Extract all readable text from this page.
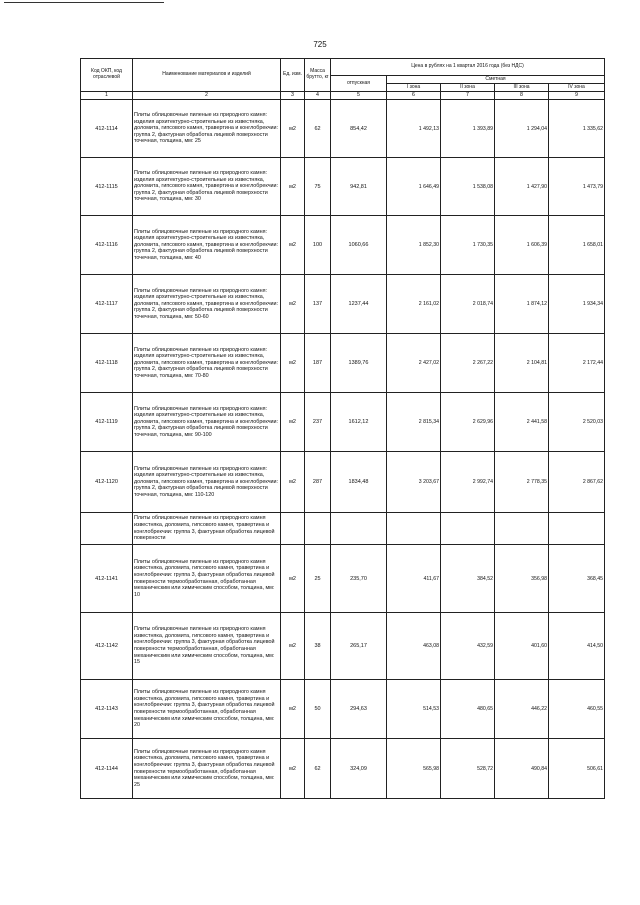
725
Код ОКП, код отраслевой	Наименование материалов и изделий	Ед. изм.	Масса брутто, кг	Цена в рублях на 1 квартал 2016 года (без НДС)				
				отпускная	Сметная			
					I зона	II зона	III зона	IV зона
1	2	3	4	5	6	7	8	9
412-1114	Плиты облицовочные пиленые из природного камня: изделия архитектурно-строительные из известняка, доломита, гипсового камня, травертина и конглобрекчии: группа 2, фактурная обработка лицевой поверхности точечная, толщина, мм: 25	м2	62	854,42	1 492,13	1 393,89	1 294,04	1 335,62
412-1115	Плиты облицовочные пиленые из природного камня: изделия архитектурно-строительные из известняка, доломита, гипсового камня, травертина и конглобрекчии: группа 2, фактурная обработка лицевой поверхности точечная, толщина, мм: 30	м2	75	942,81	1 646,49	1 538,08	1 427,90	1 473,79
412-1116	Плиты облицовочные пиленые из природного камня: изделия архитектурно-строительные из известняка, доломита, гипсового камня, травертина и конглобрекчии: группа 2, фактурная обработка лицевой поверхности точечная, толщина, мм: 40	м2	100	1060,66	1 852,30	1 730,35	1 606,39	1 658,01
412-1117	Плиты облицовочные пиленые из природного камня: изделия архитектурно-строительные из известняка, доломита, гипсового камня, травертина и конглобрекчии: группа 2, фактурная обработка лицевой поверхности точечная, толщина, мм: 50-60	м2	137	1237,44	2 161,02	2 018,74	1 874,12	1 934,34
412-1118	Плиты облицовочные пиленые из природного камня: изделия архитектурно-строительные из известняка, доломита, гипсового камня, травертина и конглобрекчии: группа 2, фактурная обработка лицевой поверхности точечная, толщина, мм: 70-80	м2	187	1389,76	2 427,02	2 267,22	2 104,81	2 172,44
412-1119	Плиты облицовочные пиленые из природного камня: изделия архитектурно-строительные из известняка, доломита, гипсового камня, травертина и конглобрекчии: группа 2, фактурная обработка лицевой поверхности точечная, толщина, мм: 90-100	м2	237	1612,12	2 815,34	2 629,96	2 441,58	2 520,03
412-1120	Плиты облицовочные пиленые из природного камня: изделия архитектурно-строительные из известняка, доломита, гипсового камня, травертина и конглобрекчии: группа 2, фактурная обработка лицевой поверхности точечная, толщина, мм: 110-120	м2	287	1834,48	3 203,67	2 992,74	2 778,35	2 867,62
	Плиты облицовочные пиленые из природного камня известняка, доломита, гипсового камня, травертина и конглобрекчии: группа 3, фактурная обработка лицевой поверхности							
412-1141	Плиты облицовочные пиленые из природного камня известняка, доломита, гипсового камня, травертина и конглобрекчии: группа 3, фактурная обработка лицевой поверхности термообработанная, обработанная механическим или химическим способом, толщина, мм: 10	м2	25	235,70	411,67	384,52	356,98	368,45
412-1142	Плиты облицовочные пиленые из природного камня известняка, доломита, гипсового камня, травертина и конглобрекчии: группа 3, фактурная обработка лицевой поверхности термообработанная, обработанная механическим или химическим способом, толщина, мм: 15	м2	38	265,17	463,08	432,59	401,60	414,50
412-1143	Плиты облицовочные пиленые из природного камня известняка, доломита, гипсового камня, травертина и конглобрекчии: группа 3, фактурная обработка лицевой поверхности термообработанная, обработанная механическим или химическим способом, толщина, мм: 20	м2	50	294,63	514,53	480,65	446,22	460,55
412-1144	Плиты облицовочные пиленые из природного камня известняка, доломита, гипсового камня, травертина и конглобрекчии: группа 3, фактурная обработка лицевой поверхности термообработанная, обработанная механическим или химическим способом, толщина, мм: 25	м2	62	324,09	565,98	528,72	490,84	506,61
